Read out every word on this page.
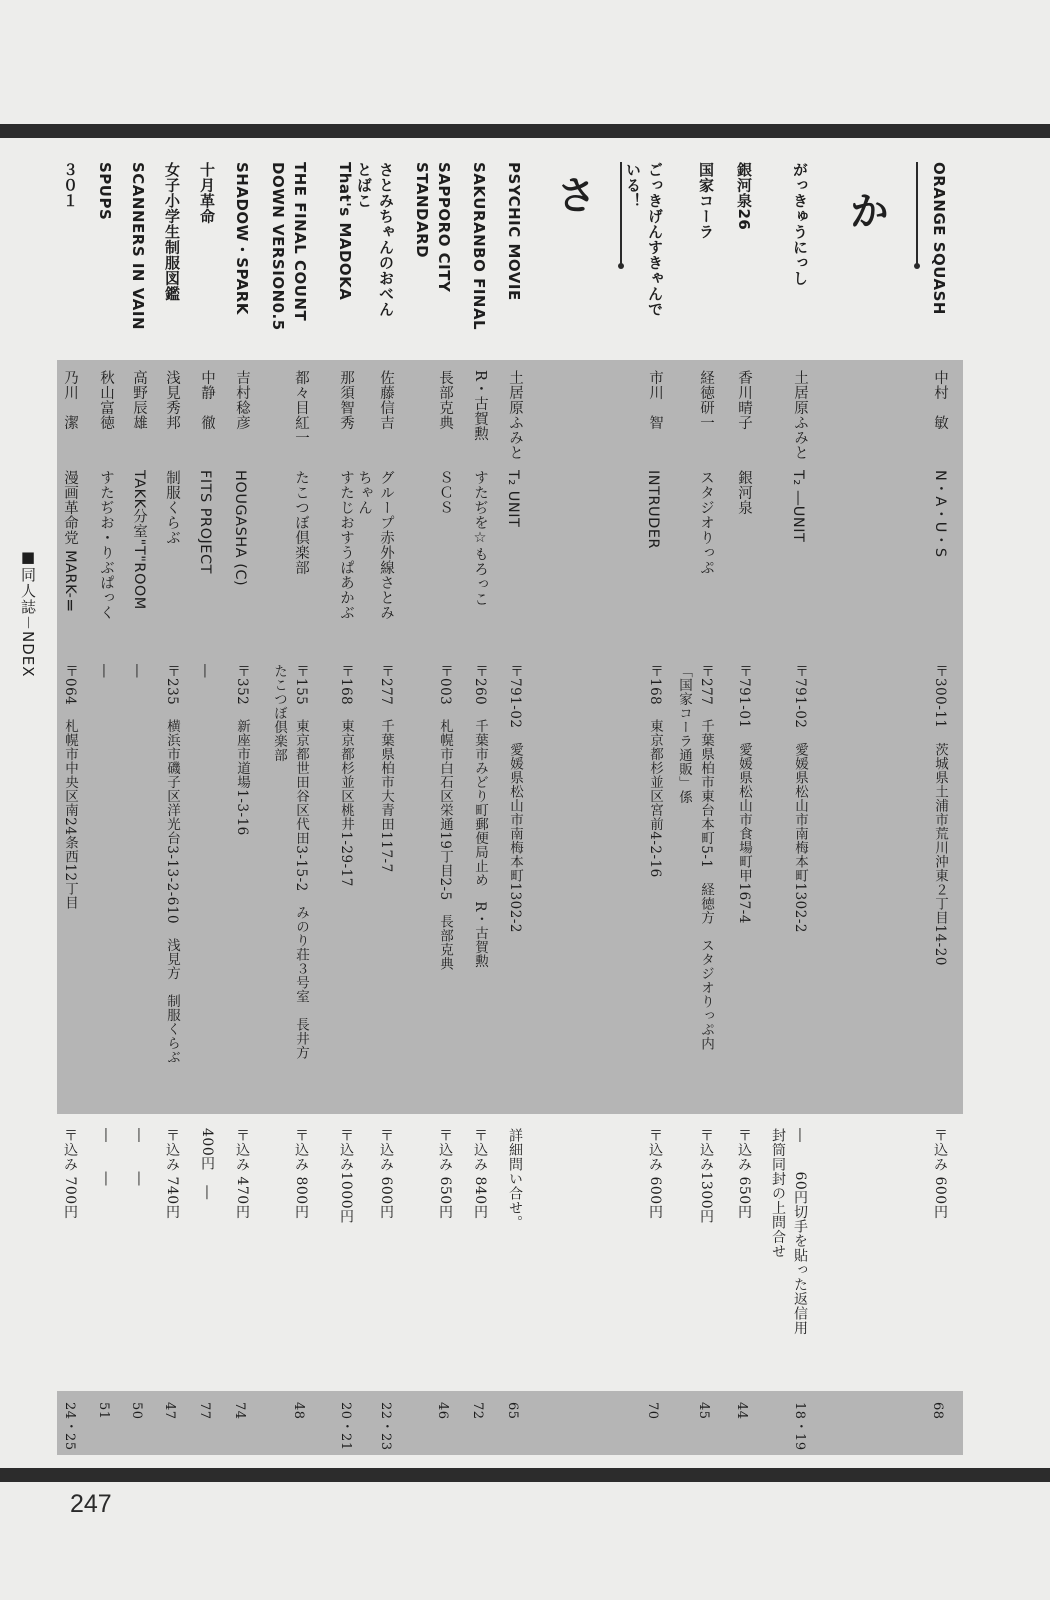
か
さ	ORANGE SQUASH
中村　敏
N・A・U・S
〒300-11　茨城県土浦市荒川沖東２丁目14-20
〒込み 600円
68
がっきゅうにっし
土居原ふみと
T₂ ―UNIT
〒791-02　愛媛県松山市南梅本町1302-2
―　　60円切手を貼った返信用
封筒同封の上問合せ
18・19
銀河泉26
香川晴子
銀河泉
〒791-01　愛媛県松山市食場町甲167-4
〒込み 650円
44
国家コーラ
経徳研一
スタジオりっぷ
〒277　千葉県柏市東台本町5-1　経徳方　スタジオりっぷ内
「国家コーラ通販」係
〒込み1300円
45
ごっきげんすきゃんで
いる！
市川　智
INTRUDER
〒168　東京都杉並区宮前4-2-16
〒込み 600円
70
PSYCHIC MOVIE
土居原ふみと
T₂ UNIT
〒791-02　愛媛県松山市南梅本町1302-2
詳細問い合せ。
65
SAKURANBO FINAL
R・古賀勲
すたぢを☆もろっこ
〒260　千葉市みどり町郵便局止め　R・古賀勲
〒込み 840円
72
SAPPORO CITY
STANDARD
長部克典
ＳＣＳ
〒003　札幌市白石区栄通19丁目2-5　長部克典
〒込み 650円
46
さとみちゃんのおべん
とばこ
佐藤信吉
グループ赤外線さとみ
ちゃん
〒277　千葉県柏市大青田117-7
〒込み 600円
22・23
That's MADOKA
那須智秀
すたじおすうぱあかぶ
〒168　東京都杉並区桃井1-29-17
〒込み1000円
20・21
THE FINAL COUNT
DOWN VERSION0.5
都々目紅一
たこつぼ倶楽部
〒155　東京都世田谷区代田3-15-2　みのり荘３号室　長井方
たこつぼ倶楽部
〒込み 800円
48
SHADOW・SPARK
吉村稔彦
HOUGASHA (C)
〒352　新座市道場1-3-16
〒込み 470円
74
十月革命
中静　徹
FITS PROJECT
―
400円　―
77
女子小学生制服図鑑
浅見秀邦
制服くらぶ
〒235　横浜市磯子区洋光台3-13-2-610　浅見方　制服くらぶ
〒込み 740円
47
SCANNERS IN VAIN
高野辰雄
TAKK分室"T"ROOM
―
―　　―
50
SPUPS
秋山富徳
すたぢお・りぶぱっく
―
―　　―
51
３０１
乃川　潔
漫画革命党 MARK-Ⅱ
〒064　札幌市中央区南24条西12丁目
〒込み 700円
24・25
■同人誌－NDEX
247
